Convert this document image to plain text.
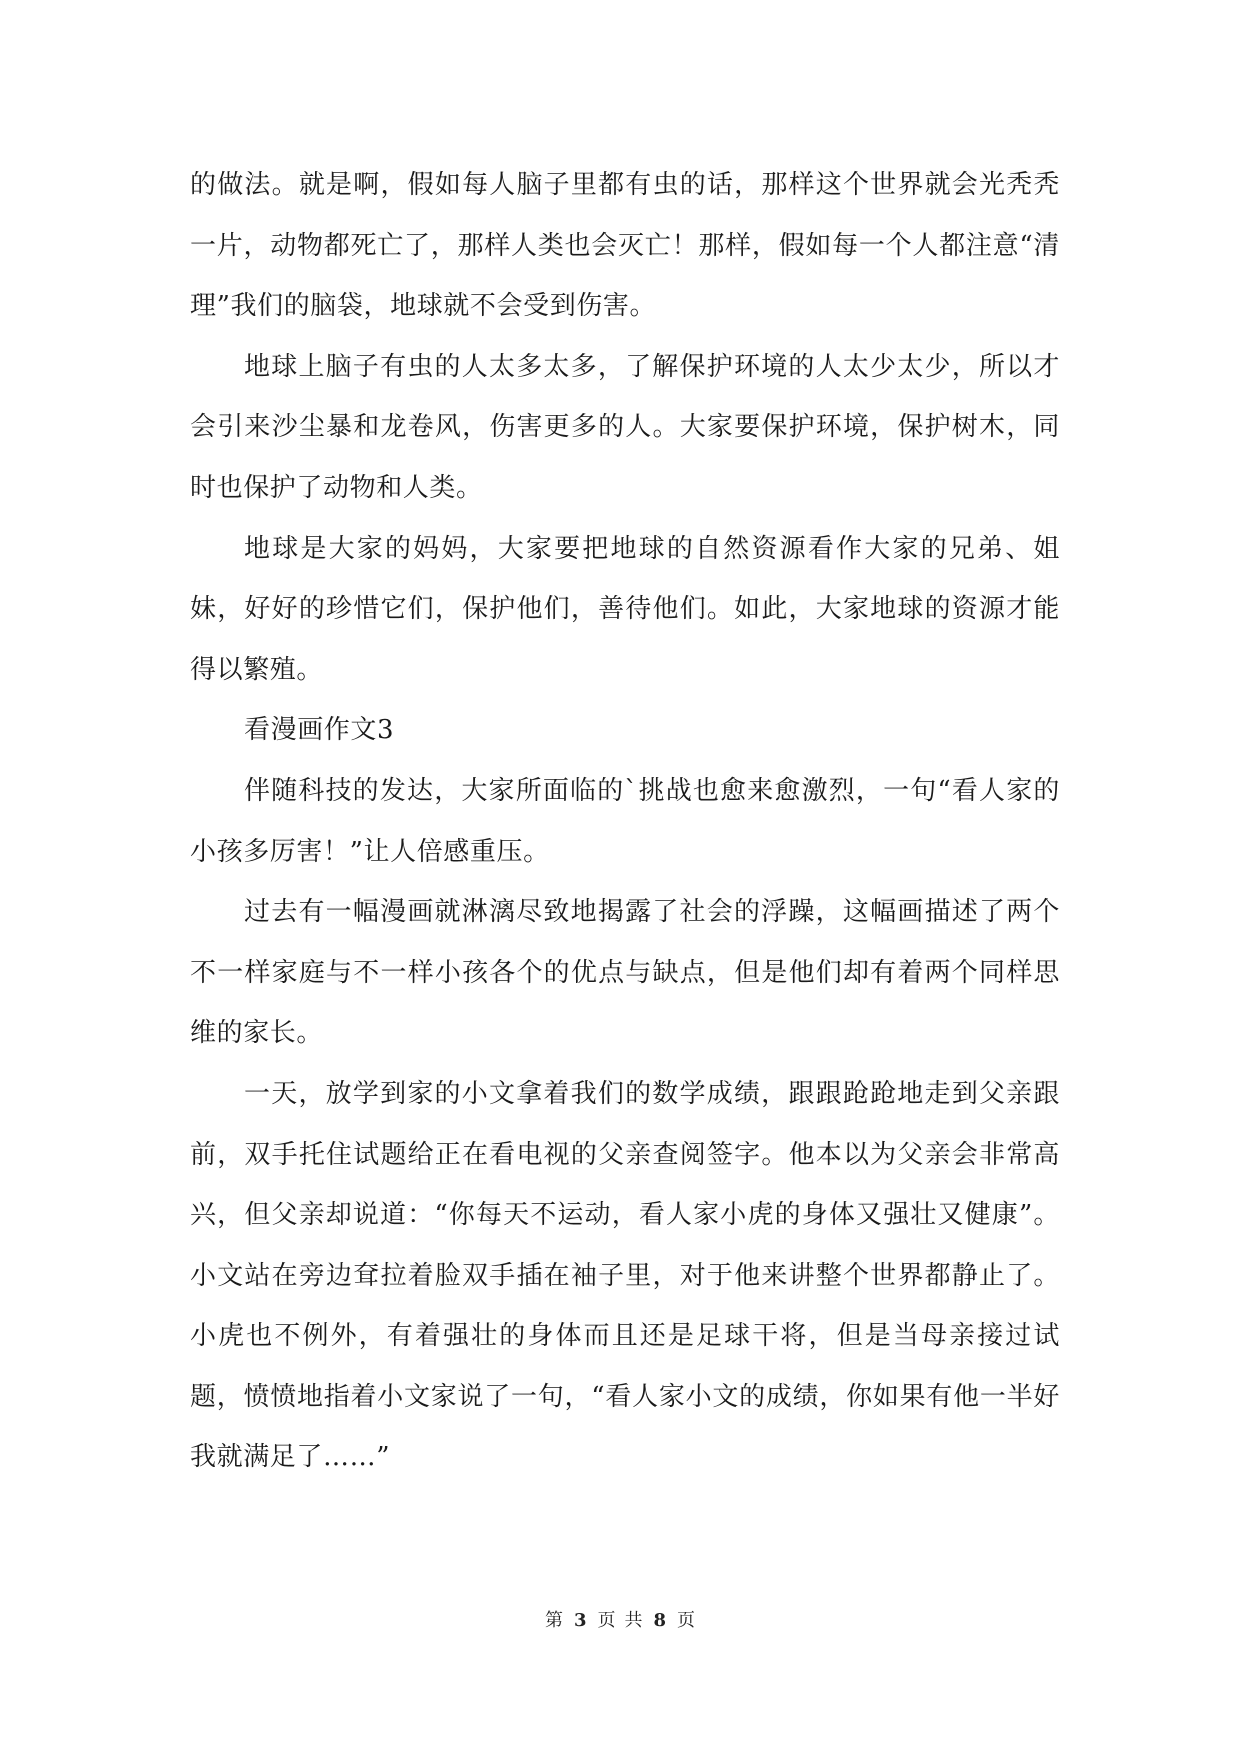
的做法。就是啊，假如每人脑子里都有虫的话，那样这个世界就会光秃秃一片，动物都死亡了，那样人类也会灭亡！那样，假如每一个人都注意“清理”我们的脑袋，地球就不会受到伤害。

地球上脑子有虫的人太多太多，了解保护环境的人太少太少，所以才会引来沙尘暴和龙卷风，伤害更多的人。大家要保护环境，保护树木，同时也保护了动物和人类。

地球是大家的妈妈，大家要把地球的自然资源看作大家的兄弟、姐妹，好好的珍惜它们，保护他们，善待他们。如此，大家地球的资源才能得以繁殖。

看漫画作文3

伴随科技的发达，大家所面临的`挑战也愈来愈激烈，一句“看人家的小孩多厉害！”让人倍感重压。

过去有一幅漫画就淋漓尽致地揭露了社会的浮躁，这幅画描述了两个不一样家庭与不一样小孩各个的优点与缺点，但是他们却有着两个同样思维的家长。

一天，放学到家的小文拿着我们的数学成绩，跟跟跄跄地走到父亲跟前，双手托住试题给正在看电视的父亲查阅签字。他本以为父亲会非常高兴，但父亲却说道：“你每天不运动，看人家小虎的身体又强壮又健康”。小文站在旁边耷拉着脸双手插在袖子里，对于他来讲整个世界都静止了。小虎也不例外，有着强壮的身体而且还是足球干将，但是当母亲接过试题，愤愤地指着小文家说了一句，“看人家小文的成绩，你如果有他一半好我就满足了……”

第 3 页 共 8 页
